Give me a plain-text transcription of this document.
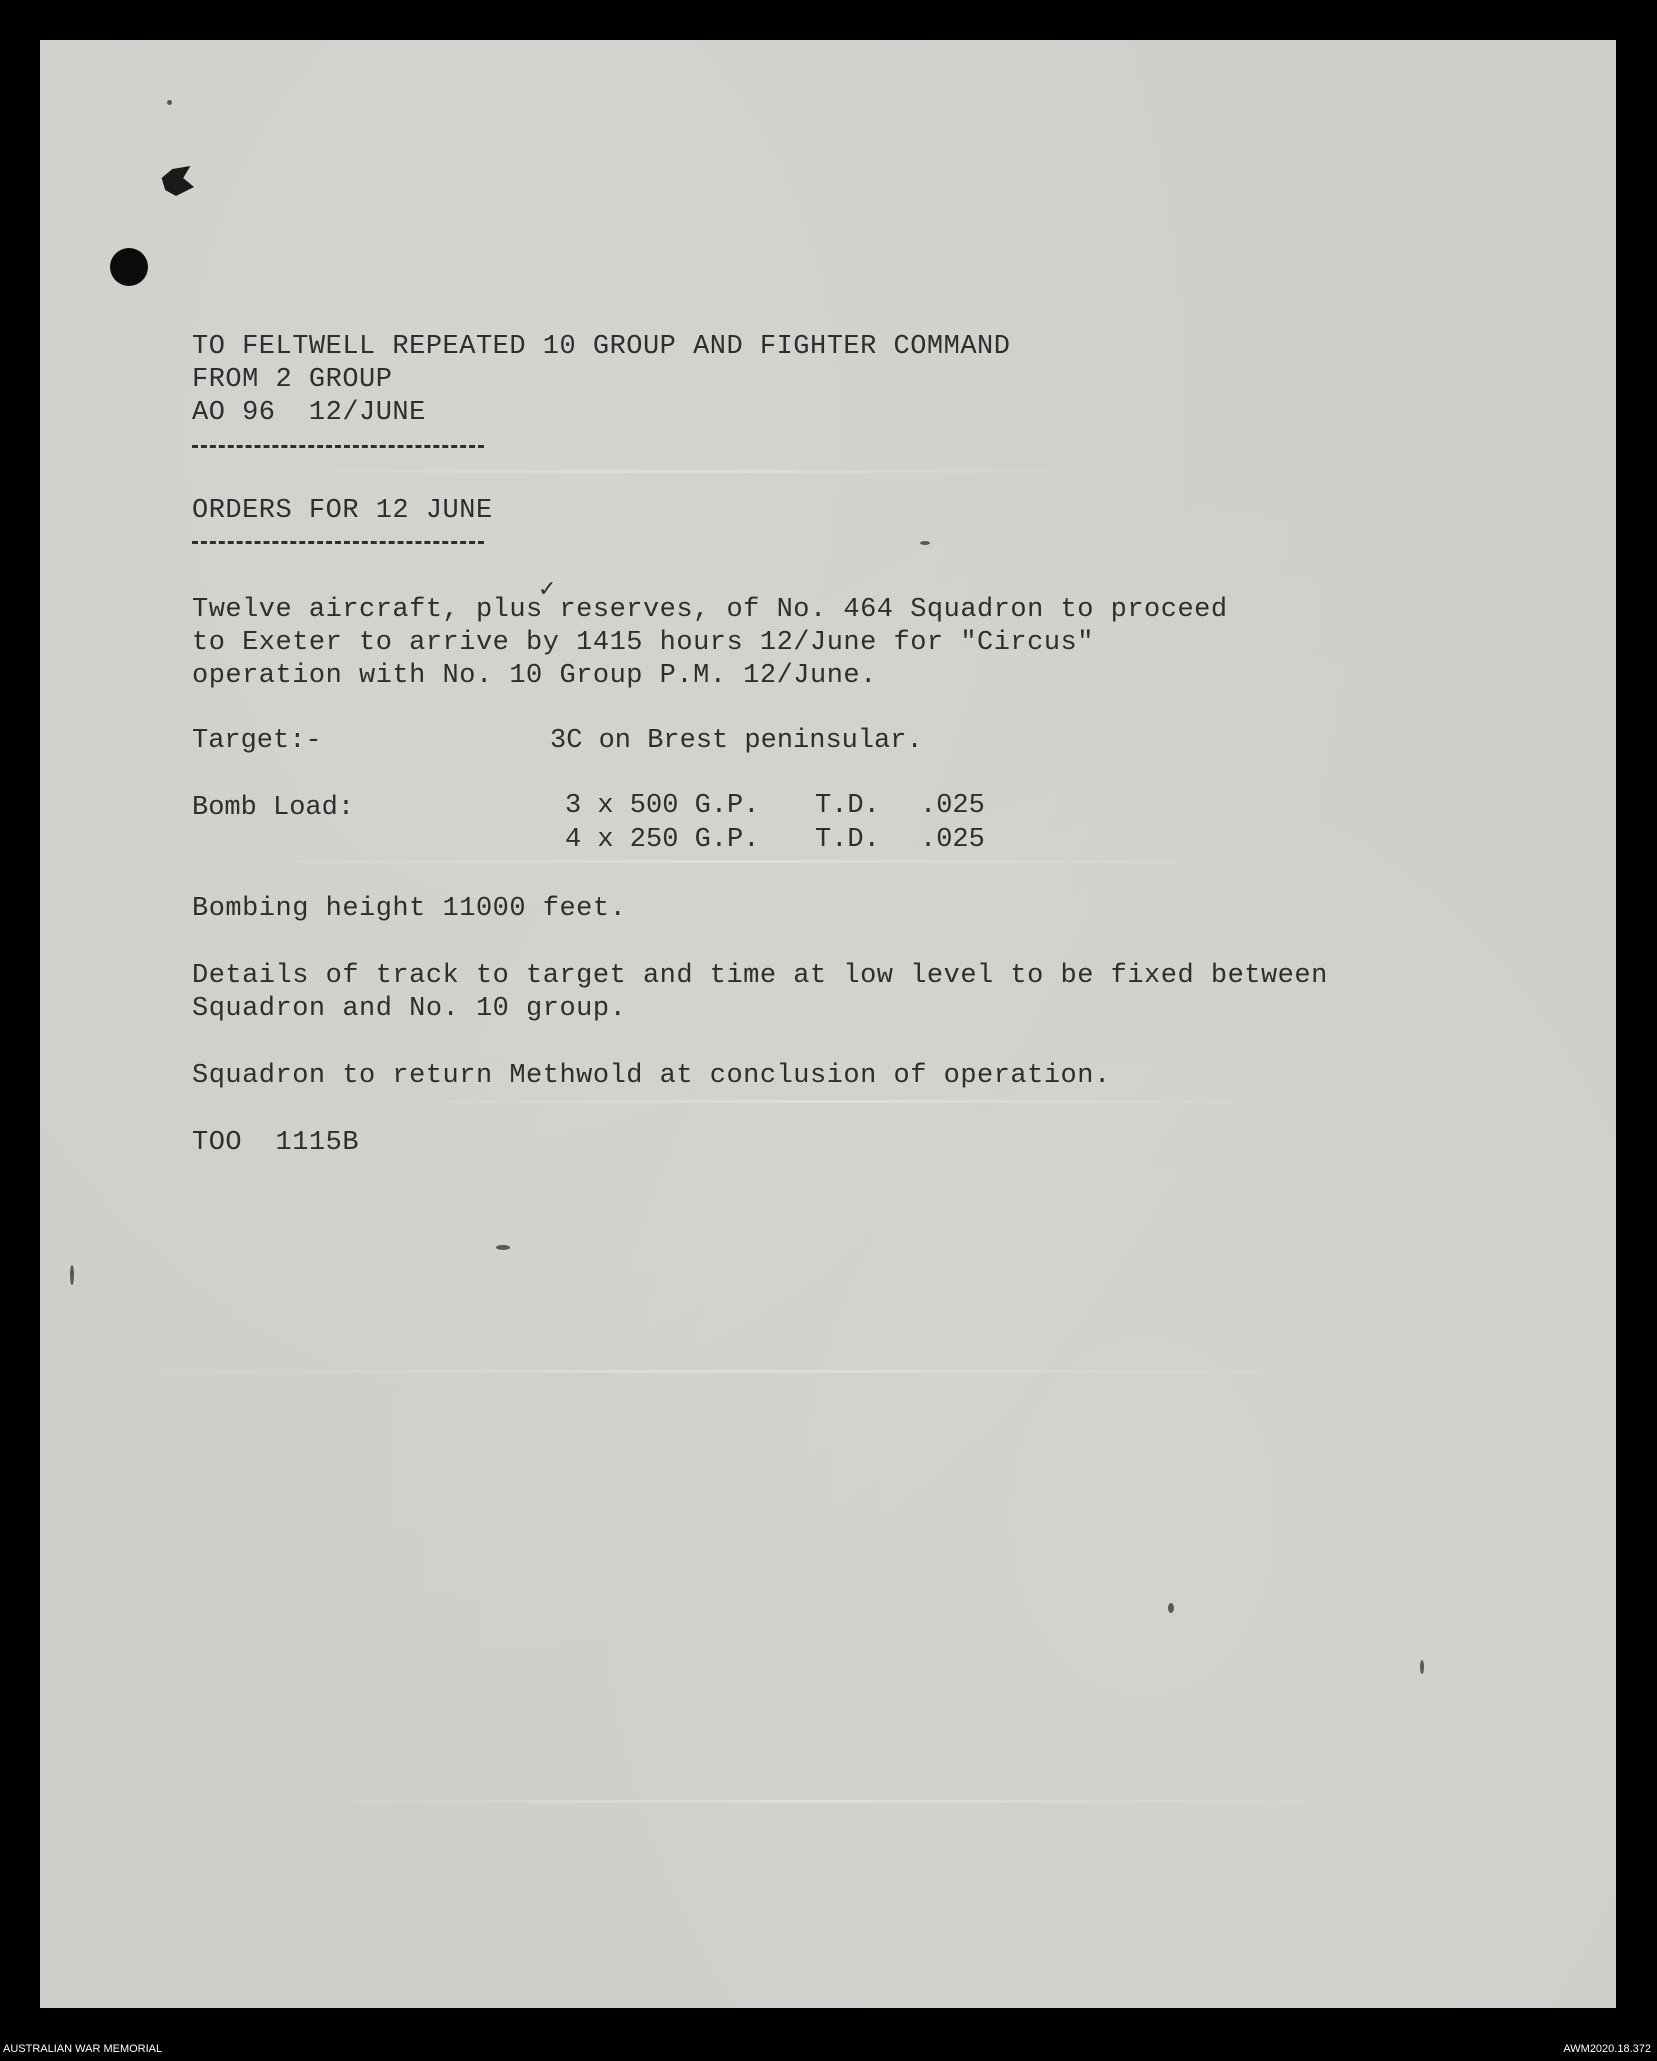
TO FELTWELL REPEATED 10 GROUP AND FIGHTER COMMAND
FROM 2 GROUP
AO 96  12/JUNE
ORDERS FOR 12 JUNE
✓
Twelve aircraft, plus reserves, of No. 464 Squadron to proceed
to Exeter to arrive by 1415 hours 12/June for "Circus"
operation with No. 10 Group P.M. 12/June.
Target:-	3C on Brest peninsular.
Bomb Load:	3 x 500 G.P. T.D. .025
4 x 250 G.P. T.D. .025
Bombing height 11000 feet.
Details of track to target and time at low level to be fixed between
Squadron and No. 10 group.
Squadron to return Methwold at conclusion of operation.
TOO  1115B
AUSTRALIAN WAR MEMORIAL	AWM2020.18.372
